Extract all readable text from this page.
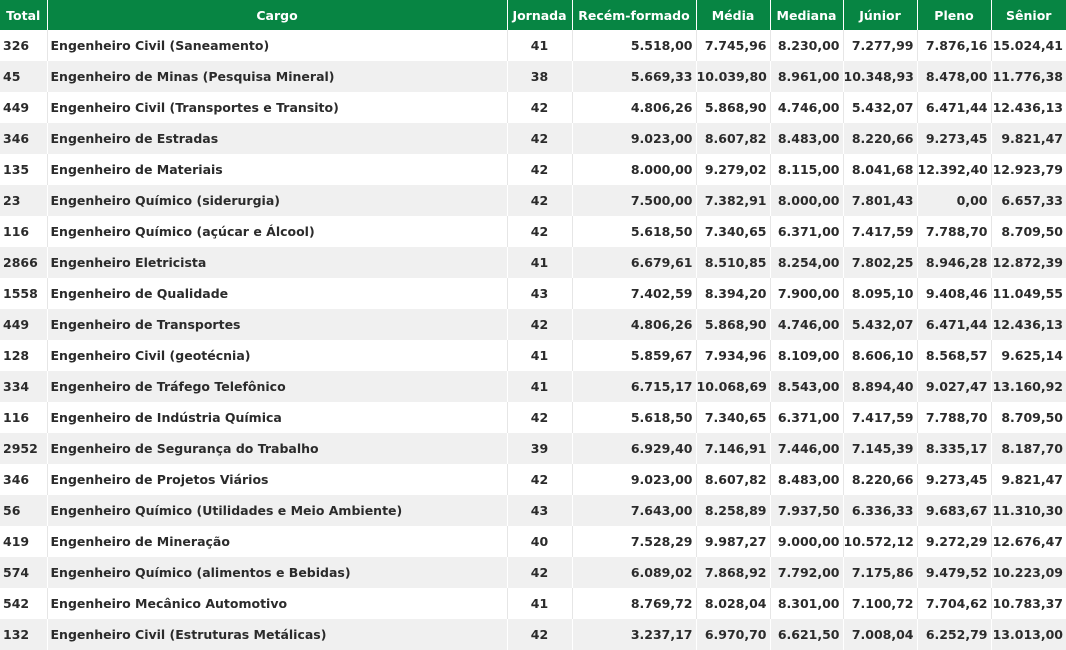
Total	Cargo	Jornada	Recém-formado	Média	Mediana	Júnior	Pleno	Sênior
326	Engenheiro Civil (Saneamento)	41	5.518,00	7.745,96	8.230,00	7.277,99	7.876,16	15.024,41
45	Engenheiro de Minas (Pesquisa Mineral)	38	5.669,33	10.039,80	8.961,00	10.348,93	8.478,00	11.776,38
449	Engenheiro Civil (Transportes e Transito)	42	4.806,26	5.868,90	4.746,00	5.432,07	6.471,44	12.436,13
346	Engenheiro de Estradas	42	9.023,00	8.607,82	8.483,00	8.220,66	9.273,45	9.821,47
135	Engenheiro de Materiais	42	8.000,00	9.279,02	8.115,00	8.041,68	12.392,40	12.923,79
23	Engenheiro Químico (siderurgia)	42	7.500,00	7.382,91	8.000,00	7.801,43	0,00	6.657,33
116	Engenheiro Químico (açúcar e Álcool)	42	5.618,50	7.340,65	6.371,00	7.417,59	7.788,70	8.709,50
2866	Engenheiro Eletricista	41	6.679,61	8.510,85	8.254,00	7.802,25	8.946,28	12.872,39
1558	Engenheiro de Qualidade	43	7.402,59	8.394,20	7.900,00	8.095,10	9.408,46	11.049,55
449	Engenheiro de Transportes	42	4.806,26	5.868,90	4.746,00	5.432,07	6.471,44	12.436,13
128	Engenheiro Civil (geotécnia)	41	5.859,67	7.934,96	8.109,00	8.606,10	8.568,57	9.625,14
334	Engenheiro de Tráfego Telefônico	41	6.715,17	10.068,69	8.543,00	8.894,40	9.027,47	13.160,92
116	Engenheiro de Indústria Química	42	5.618,50	7.340,65	6.371,00	7.417,59	7.788,70	8.709,50
2952	Engenheiro de Segurança do Trabalho	39	6.929,40	7.146,91	7.446,00	7.145,39	8.335,17	8.187,70
346	Engenheiro de Projetos Viários	42	9.023,00	8.607,82	8.483,00	8.220,66	9.273,45	9.821,47
56	Engenheiro Químico (Utilidades e Meio Ambiente)	43	7.643,00	8.258,89	7.937,50	6.336,33	9.683,67	11.310,30
419	Engenheiro de Mineração	40	7.528,29	9.987,27	9.000,00	10.572,12	9.272,29	12.676,47
574	Engenheiro Químico (alimentos e Bebidas)	42	6.089,02	7.868,92	7.792,00	7.175,86	9.479,52	10.223,09
542	Engenheiro Mecânico Automotivo	41	8.769,72	8.028,04	8.301,00	7.100,72	7.704,62	10.783,37
132	Engenheiro Civil (Estruturas Metálicas)	42	3.237,17	6.970,70	6.621,50	7.008,04	6.252,79	13.013,00
